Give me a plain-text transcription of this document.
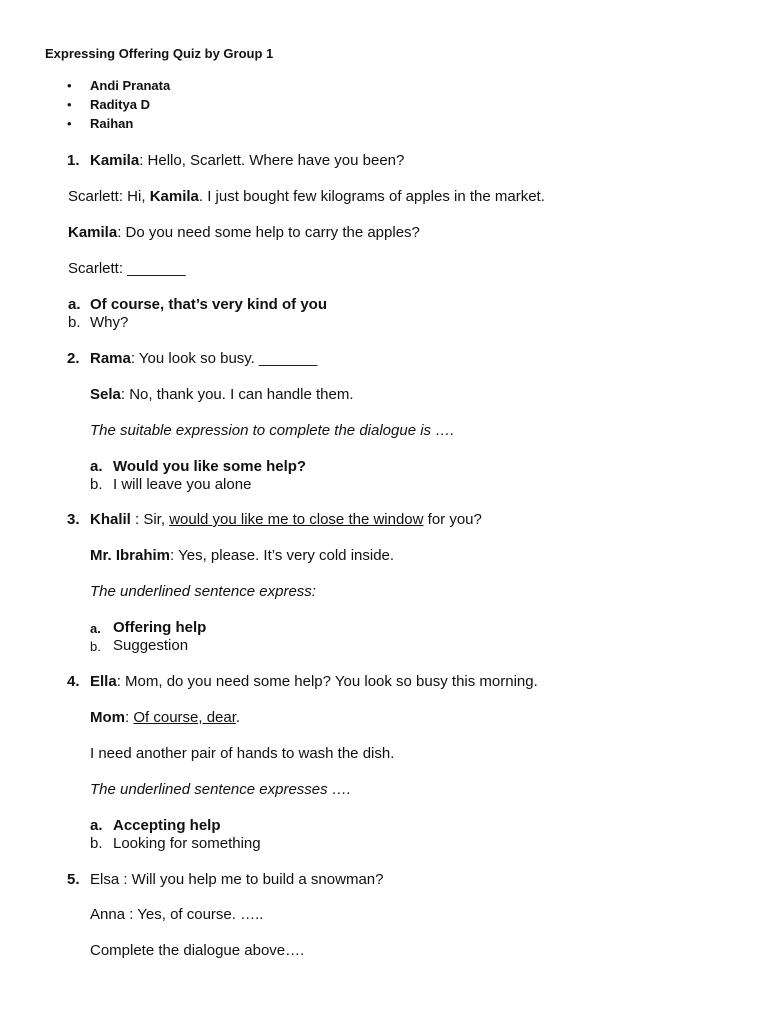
Expressing Offering Quiz by Group 1
• Andi Pranata
• Raditya D
• Raihan
1. Kamila: Hello, Scarlett. Where have you been?
Scarlett: Hi, Kamila. I just bought few kilograms of apples in the market.
Kamila: Do you need some help to carry the apples?
Scarlett: _______
a. Of course, that’s very kind of you
b. Why?
2. Rama: You look so busy. _______
Sela: No, thank you. I can handle them.
The suitable expression to complete the dialogue is ….
a. Would you like some help?
b. I will leave you alone
3. Khalil : Sir, would you like me to close the window for you?
Mr. Ibrahim: Yes, please. It’s very cold inside.
The underlined sentence express:
a. Offering help
b. Suggestion
4. Ella: Mom, do you need some help? You look so busy this morning.
Mom: Of course, dear.
I need another pair of hands to wash the dish.
The underlined sentence expresses ….
a. Accepting help
b. Looking for something
5. Elsa : Will you help me to build a snowman?
Anna : Yes, of course. …..
Complete the dialogue above….
